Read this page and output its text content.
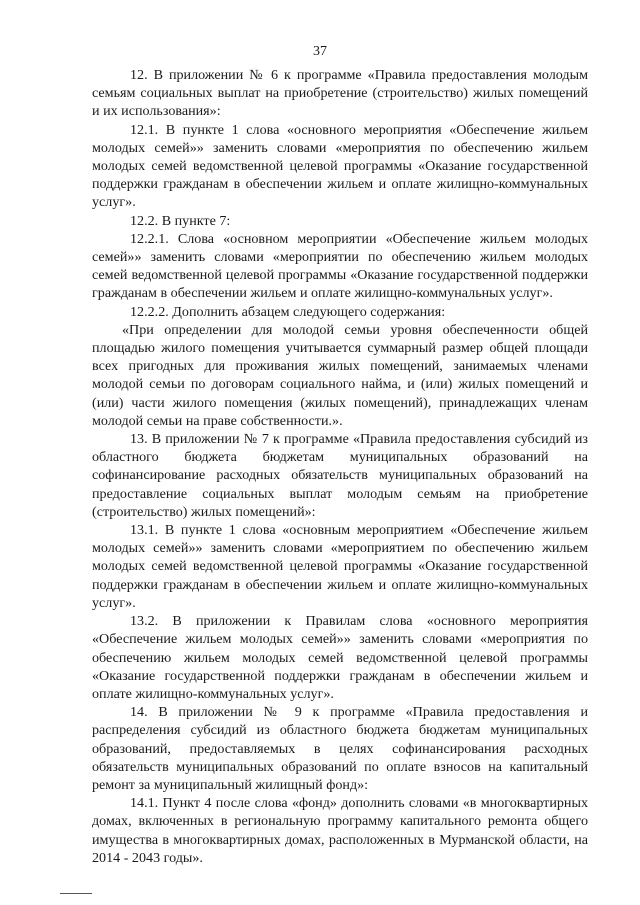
37

12. В приложении № 6 к программе «Правила предоставления молодым семьям социальных выплат на приобретение (строительство) жилых помещений и их использования»:

12.1. В пункте 1 слова «основного мероприятия «Обеспечение жильем молодых семей»» заменить словами «мероприятия по обеспечению жильем молодых семей ведомственной целевой программы «Оказание государственной поддержки гражданам в обеспечении жильем и оплате жилищно-коммунальных услуг».

12.2. В пункте 7:

12.2.1. Слова «основном мероприятии «Обеспечение жильем молодых семей»» заменить словами «мероприятии по обеспечению жильем молодых семей ведомственной целевой программы «Оказание государственной поддержки гражданам в обеспечении жильем и оплате жилищно-коммунальных услуг».

12.2.2. Дополнить абзацем следующего содержания:

«При определении для молодой семьи уровня обеспеченности общей площадью жилого помещения учитывается суммарный размер общей площади всех пригодных для проживания жилых помещений, занимаемых членами молодой семьи по договорам социального найма, и (или) жилых помещений и (или) части жилого помещения (жилых помещений), принадлежащих членам молодой семьи на праве собственности.».

13. В приложении № 7 к программе «Правила предоставления субсидий из областного бюджета бюджетам муниципальных образований на софинансирование расходных обязательств муниципальных образований на предоставление социальных выплат молодым семьям на приобретение (строительство) жилых помещений»:

13.1. В пункте 1 слова «основным мероприятием «Обеспечение жильем молодых семей»» заменить словами «мероприятием по обеспечению жильем молодых семей ведомственной целевой программы «Оказание государственной поддержки гражданам в обеспечении жильем и оплате жилищно-коммунальных услуг».

13.2. В приложении к Правилам слова «основного мероприятия «Обеспечение жильем молодых семей»» заменить словами «мероприятия по обеспечению жильем молодых семей ведомственной целевой программы «Оказание государственной поддержки гражданам в обеспечении жильем и оплате жилищно-коммунальных услуг».

14. В приложении № 9 к программе «Правила предоставления и распределения субсидий из областного бюджета бюджетам муниципальных образований, предоставляемых в целях софинансирования расходных обязательств муниципальных образований по оплате взносов на капитальный ремонт за муниципальный жилищный фонд»:

14.1. Пункт 4 после слова «фонд» дополнить словами «в многоквартирных домах, включенных в региональную программу капитального ремонта общего имущества в многоквартирных домах, расположенных в Мурманской области, на 2014 - 2043 годы».
